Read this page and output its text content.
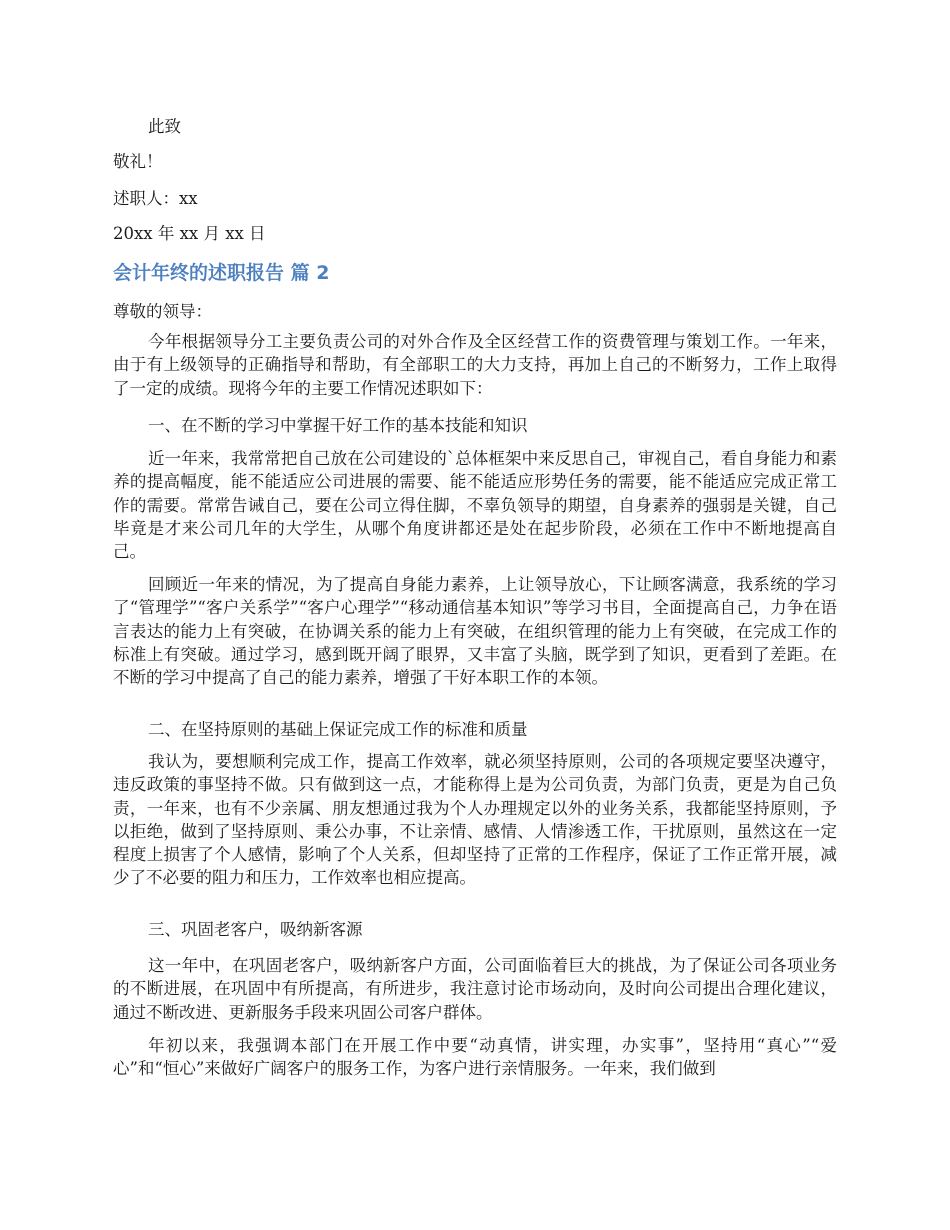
此致
敬礼！
述职人：xx
20xx 年 xx 月 xx 日
会计年终的述职报告 篇 2
尊敬的领导：

今年根据领导分工主要负责公司的对外合作及全区经营工作的资费管理与策划工作。一年来，由于有上级领导的正确指导和帮助，有全部职工的大力支持，再加上自己的不断努力，工作上取得了一定的成绩。现将今年的主要工作情况述职如下：

一、在不断的学习中掌握干好工作的基本技能和知识

近一年来，我常常把自己放在公司建设的`总体框架中来反思自己，审视自己，看自身能力和素养的提高幅度，能不能适应公司进展的需要、能不能适应形势任务的需要，能不能适应完成正常工作的需要。常常告诫自己，要在公司立得住脚，不辜负领导的期望，自身素养的强弱是关键，自己毕竟是才来公司几年的大学生，从哪个角度讲都还是处在起步阶段，必须在工作中不断地提高自己。

回顾近一年来的情况，为了提高自身能力素养，上让领导放心，下让顾客满意，我系统的学习了“管理学”“客户关系学”“客户心理学”“移动通信基本知识”等学习书目，全面提高自己，力争在语言表达的能力上有突破，在协调关系的能力上有突破，在组织管理的能力上有突破，在完成工作的标准上有突破。通过学习，感到既开阔了眼界，又丰富了头脑，既学到了知识，更看到了差距。在不断的学习中提高了自己的能力素养，增强了干好本职工作的本领。

二、在坚持原则的基础上保证完成工作的标准和质量

我认为，要想顺利完成工作，提高工作效率，就必须坚持原则，公司的各项规定要坚决遵守，违反政策的事坚持不做。只有做到这一点，才能称得上是为公司负责，为部门负责，更是为自己负责，一年来，也有不少亲属、朋友想通过我为个人办理规定以外的业务关系，我都能坚持原则，予以拒绝，做到了坚持原则、秉公办事，不让亲情、感情、人情渗透工作，干扰原则，虽然这在一定程度上损害了个人感情，影响了个人关系，但却坚持了正常的工作程序，保证了工作正常开展，减少了不必要的阻力和压力，工作效率也相应提高。

三、巩固老客户，吸纳新客源

这一年中，在巩固老客户，吸纳新客户方面，公司面临着巨大的挑战，为了保证公司各项业务的不断进展，在巩固中有所提高，有所进步，我注意讨论市场动向，及时向公司提出合理化建议，通过不断改进、更新服务手段来巩固公司客户群体。

年初以来，我强调本部门在开展工作中要“动真情，讲实理，办实事”，坚持用“真心”“爱心”和“恒心”来做好广阔客户的服务工作，为客户进行亲情服务。一年来，我们做到
